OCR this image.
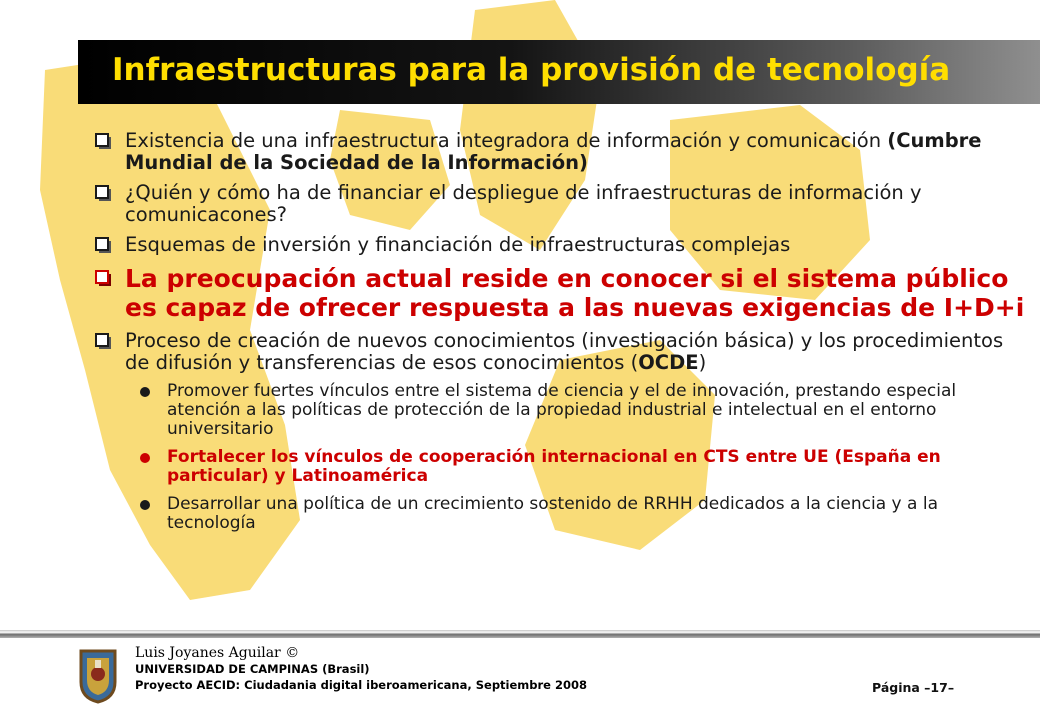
Infraestructuras para la provisión de tecnología
Existencia de una infraestructura integradora de información y comunicación (Cumbre Mundial de la Sociedad de la Información)
¿Quién y cómo ha de financiar el despliegue de infraestructuras de información y comunicacones?
Esquemas de inversión y financiación de infraestructuras complejas
La preocupación actual reside en conocer si el sistema público es capaz de ofrecer respuesta a las nuevas exigencias de I+D+i
Proceso de creación de nuevos conocimientos (investigación básica) y los procedimientos de difusión y transferencias de esos conocimientos (OCDE)
Promover fuertes vínculos entre el sistema de ciencia y el de innovación, prestando especial atención a las políticas de protección de la propiedad industrial e intelectual en el entorno universitario
Fortalecer los vínculos de cooperación internacional en CTS entre UE (España en particular) y Latinoamérica
Desarrollar una política de un crecimiento sostenido de RRHH dedicados a la ciencia y a la tecnología
Luis Joyanes Aguilar ©
UNIVERSIDAD DE CAMPINAS (Brasil)
Proyecto AECID: Ciudadania digital iberoamericana, Septiembre 2008	Página –17–
